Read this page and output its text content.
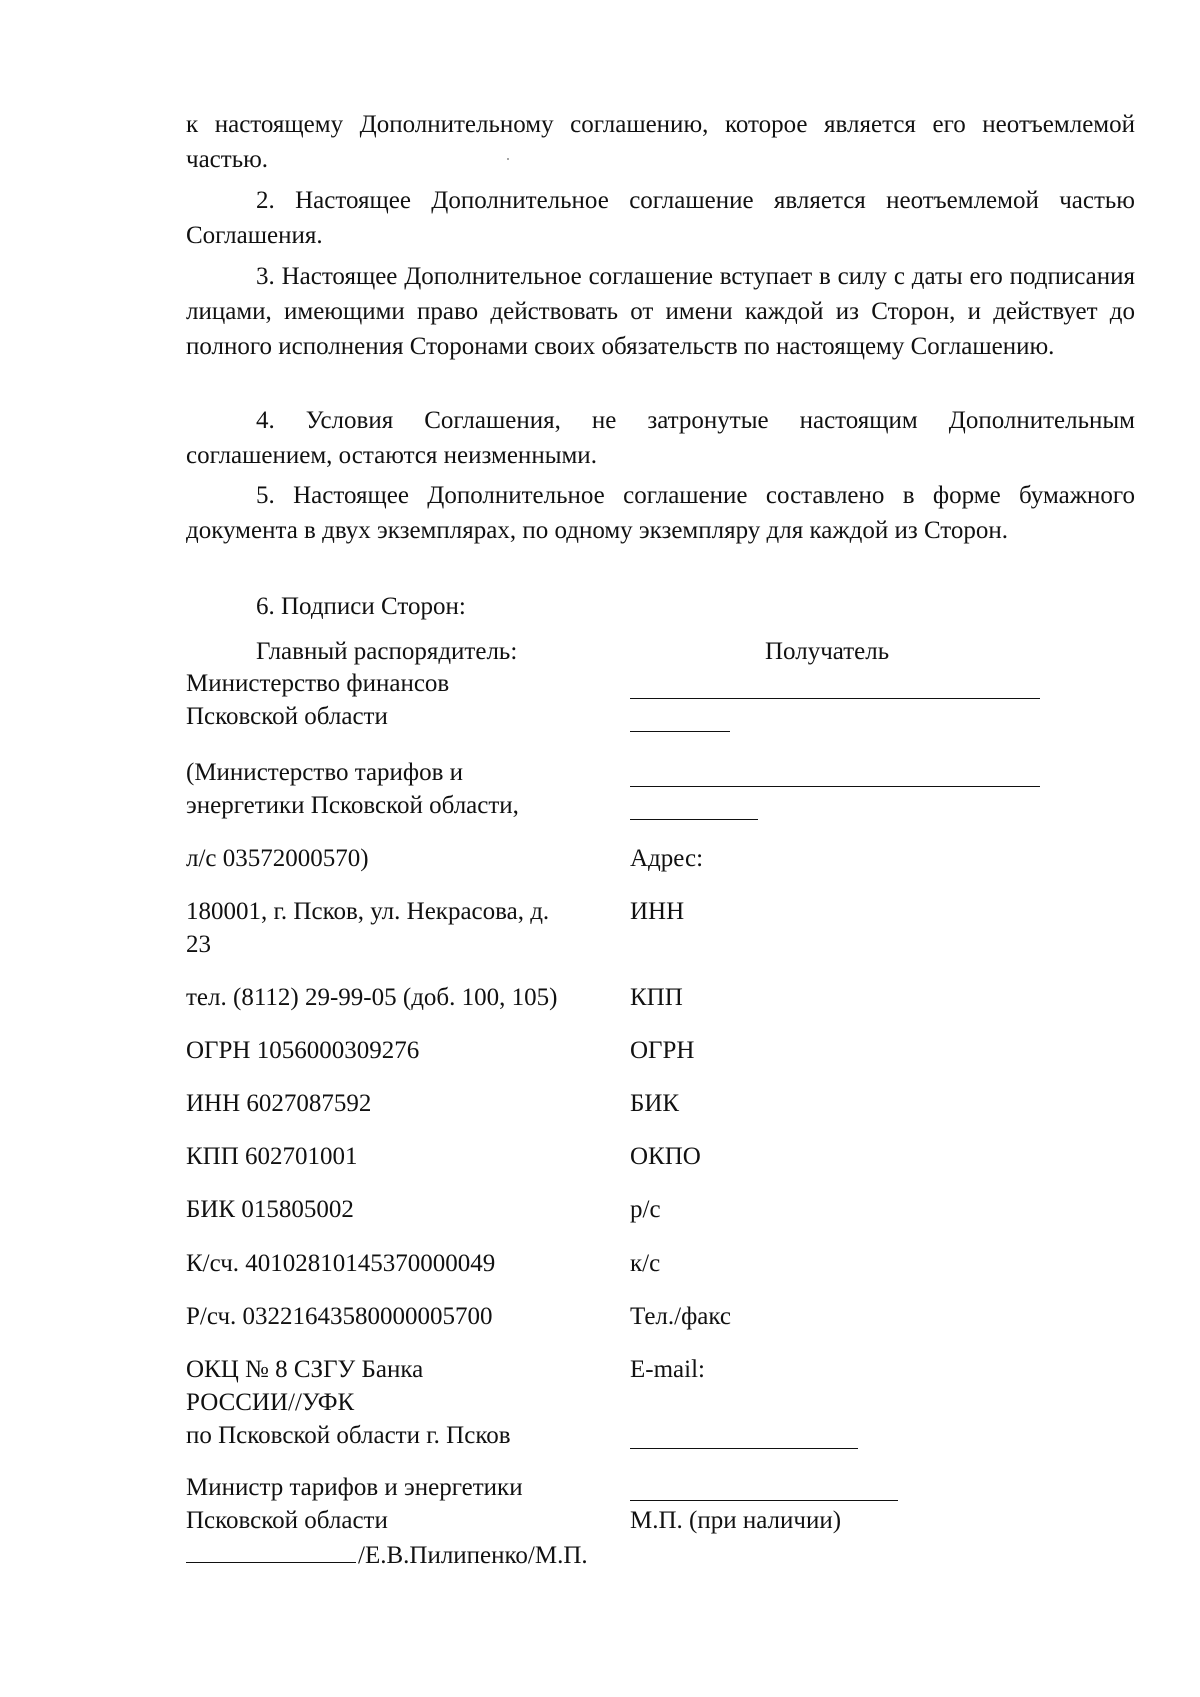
к настоящему Дополнительному соглашению, которое является его неотъемлемой частью.

2. Настоящее Дополнительное соглашение является неотъемлемой частью Соглашения.

3. Настоящее Дополнительное соглашение вступает в силу с даты его подписания лицами, имеющими право действовать от имени каждой из Сторон, и действует до полного исполнения Сторонами своих обязательств по настоящему Соглашению.

4. Условия Соглашения, не затронутые настоящим Дополнительным соглашением, остаются неизменными.

5. Настоящее Дополнительное соглашение составлено в форме бумажного документа в двух экземплярах, по одному экземпляру для каждой из Сторон.

6. Подписи Сторон:

Главный распорядитель:

Министерство финансов

Псковской области

(Министерство тарифов и

энергетики Псковской области,

л/с 03572000570)

180001, г. Псков, ул. Некрасова, д.

23

тел. (8112) 29-99-05 (доб. 100, 105)

ОГРН 1056000309276

ИНН 6027087592

КПП 602701001

БИК 015805002

К/сч. 40102810145370000049

Р/сч. 03221643580000005700

ОКЦ № 8 СЗГУ Банка

РОССИИ//УФК

по Псковской области г. Псков

Министр тарифов и энергетики

Псковской области

/Е.В.Пилипенко/М.П.

Получатель

Адрес:

ИНН

КПП

ОГРН

БИК

ОКПО

р/с

к/с

Тел./факс

E-mail:

М.П. (при наличии)
